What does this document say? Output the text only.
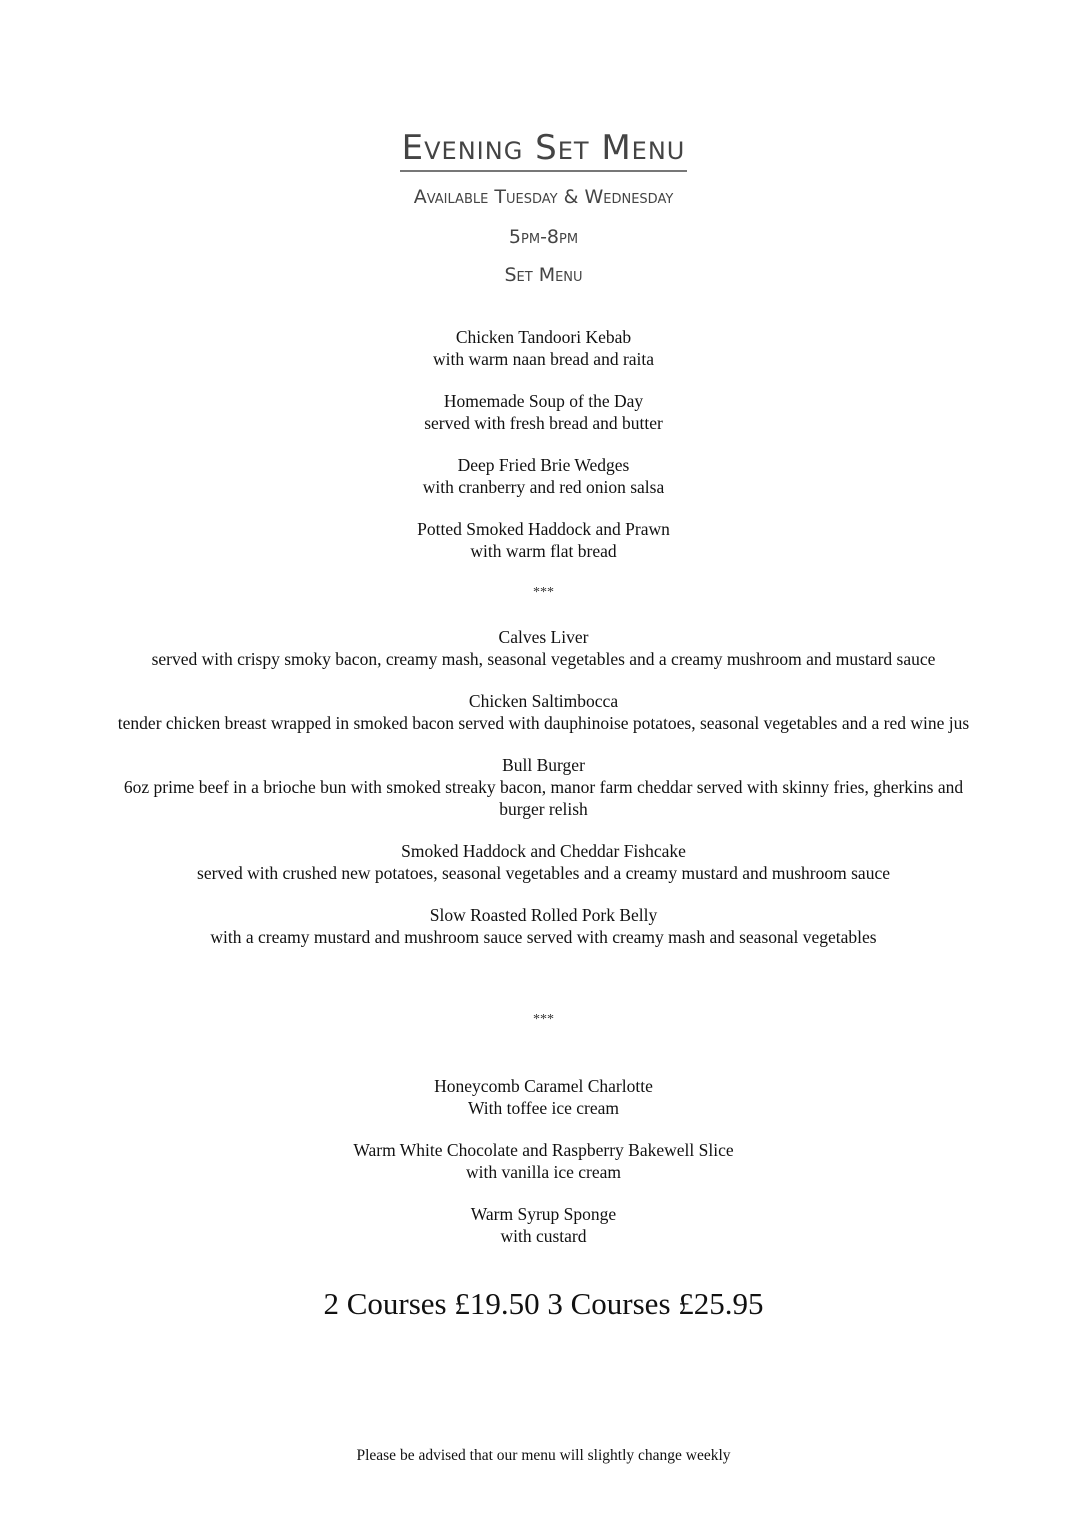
Evening Set Menu
Available Tuesday & Wednesday
5pm-8pm
Set Menu
Chicken Tandoori Kebab
with warm naan bread and raita
Homemade Soup of the Day
served with fresh bread and butter
Deep Fried Brie Wedges
with cranberry and red onion salsa
Potted Smoked Haddock and Prawn
with warm flat bread
***
Calves Liver
served with crispy smoky bacon, creamy mash, seasonal vegetables and a creamy mushroom and mustard sauce
Chicken Saltimbocca
tender chicken breast wrapped in smoked bacon served with dauphinoise potatoes, seasonal vegetables and a red wine jus
Bull Burger
6oz prime beef in a brioche bun with smoked streaky bacon, manor farm cheddar served with skinny fries, gherkins and burger relish
Smoked Haddock and Cheddar Fishcake
served with crushed new potatoes, seasonal vegetables and a creamy mustard and mushroom sauce
Slow Roasted Rolled Pork Belly
with a creamy mustard and mushroom sauce served with creamy mash and seasonal vegetables
***
Honeycomb Caramel Charlotte
With toffee ice cream
Warm White Chocolate and Raspberry Bakewell Slice
with vanilla ice cream
Warm Syrup Sponge
with custard
2 Courses £19.50 3 Courses £25.95
Please be advised that our menu will slightly change weekly
